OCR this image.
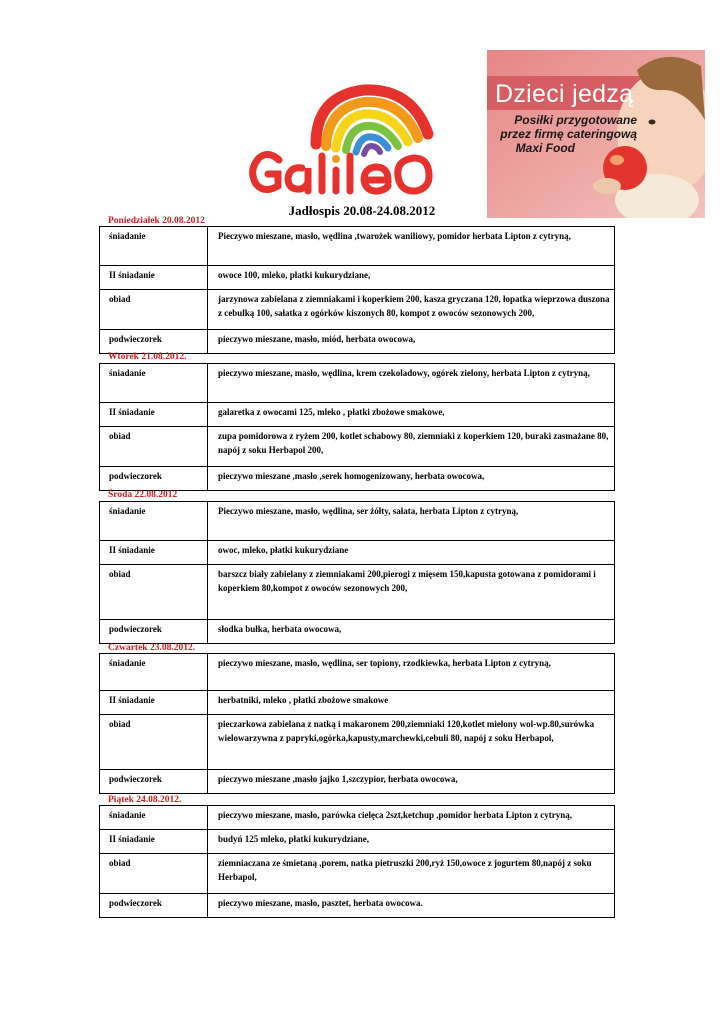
Dzieci jedzą
Posiłki przygotowane
przez firmę cateringową
Maxi Food
Jadłospis 20.08-24.08.2012
Poniedziałek 20.08.2012
śniadanie	Pieczywo mieszane, masło, wędlina ,twarożek waniliowy, pomidor herbata Lipton z cytryną,
II śniadanie	owoce 100, mleko, płatki kukurydziane,
obiad	jarzynowa zabielana z ziemniakami i koperkiem 200, kasza gryczana 120, łopatka wieprzowa duszona z cebulką 100, sałatka z ogórków kiszonych 80, kompot z owoców sezonowych 200,
podwieczorek	pieczywo mieszane, masło, miód, herbata owocowa,
Wtorek 21.08.2012.
śniadanie	pieczywo mieszane, masło, wędlina, krem czekoladowy, ogórek zielony, herbata Lipton z cytryną,
II śniadanie	galaretka z owocami 125, mleko , płatki zbożowe smakowe,
obiad	zupa pomidorowa z ryżem 200, kotlet schabowy 80, ziemniaki z koperkiem 120, buraki zasmażane 80, napój z soku Herbapol 200,
podwieczorek	pieczywo mieszane ,masło ,serek homogenizowany, herbata owocowa,
Środa 22.08.2012
śniadanie	Pieczywo mieszane, masło, wędlina, ser żółty, sałata, herbata Lipton z cytryną,
II śniadanie	owoc, mleko, płatki kukurydziane
obiad	barszcz biały zabielany z ziemniakami 200,pierogi z mięsem 150,kapusta gotowana z pomidorami i koperkiem 80,kompot z owoców sezonowych 200,
podwieczorek	słodka bułka, herbata owocowa,
Czwartek 23.08.2012.
śniadanie	pieczywo mieszane, masło, wędlina, ser topiony, rzodkiewka, herbata Lipton z cytryną,
II śniadanie	herbatniki, mleko , płatki zbożowe smakowe
obiad	pieczarkowa zabielana z natką i makaronem 200,ziemniaki 120,kotlet mielony wol-wp.80,surówka wielowarzywna z papryki,ogórka,kapusty,marchewki,cebuli 80, napój z soku Herbapol,
podwieczorek	pieczywo mieszane ,masło jajko 1,szczypior, herbata owocowa,
Piątek 24.08.2012.
śniadanie	pieczywo mieszane, masło, parówka cielęca 2szt,ketchup ,pomidor herbata Lipton z cytryną,
II śniadanie	budyń 125 mleko, płatki kukurydziane,
obiad	ziemniaczana ze śmietaną ,porem, natka pietruszki 200,ryż 150,owoce z jogurtem 80,napój z soku Herbapol,
podwieczorek	pieczywo mieszane, masło, pasztet, herbata owocowa.
